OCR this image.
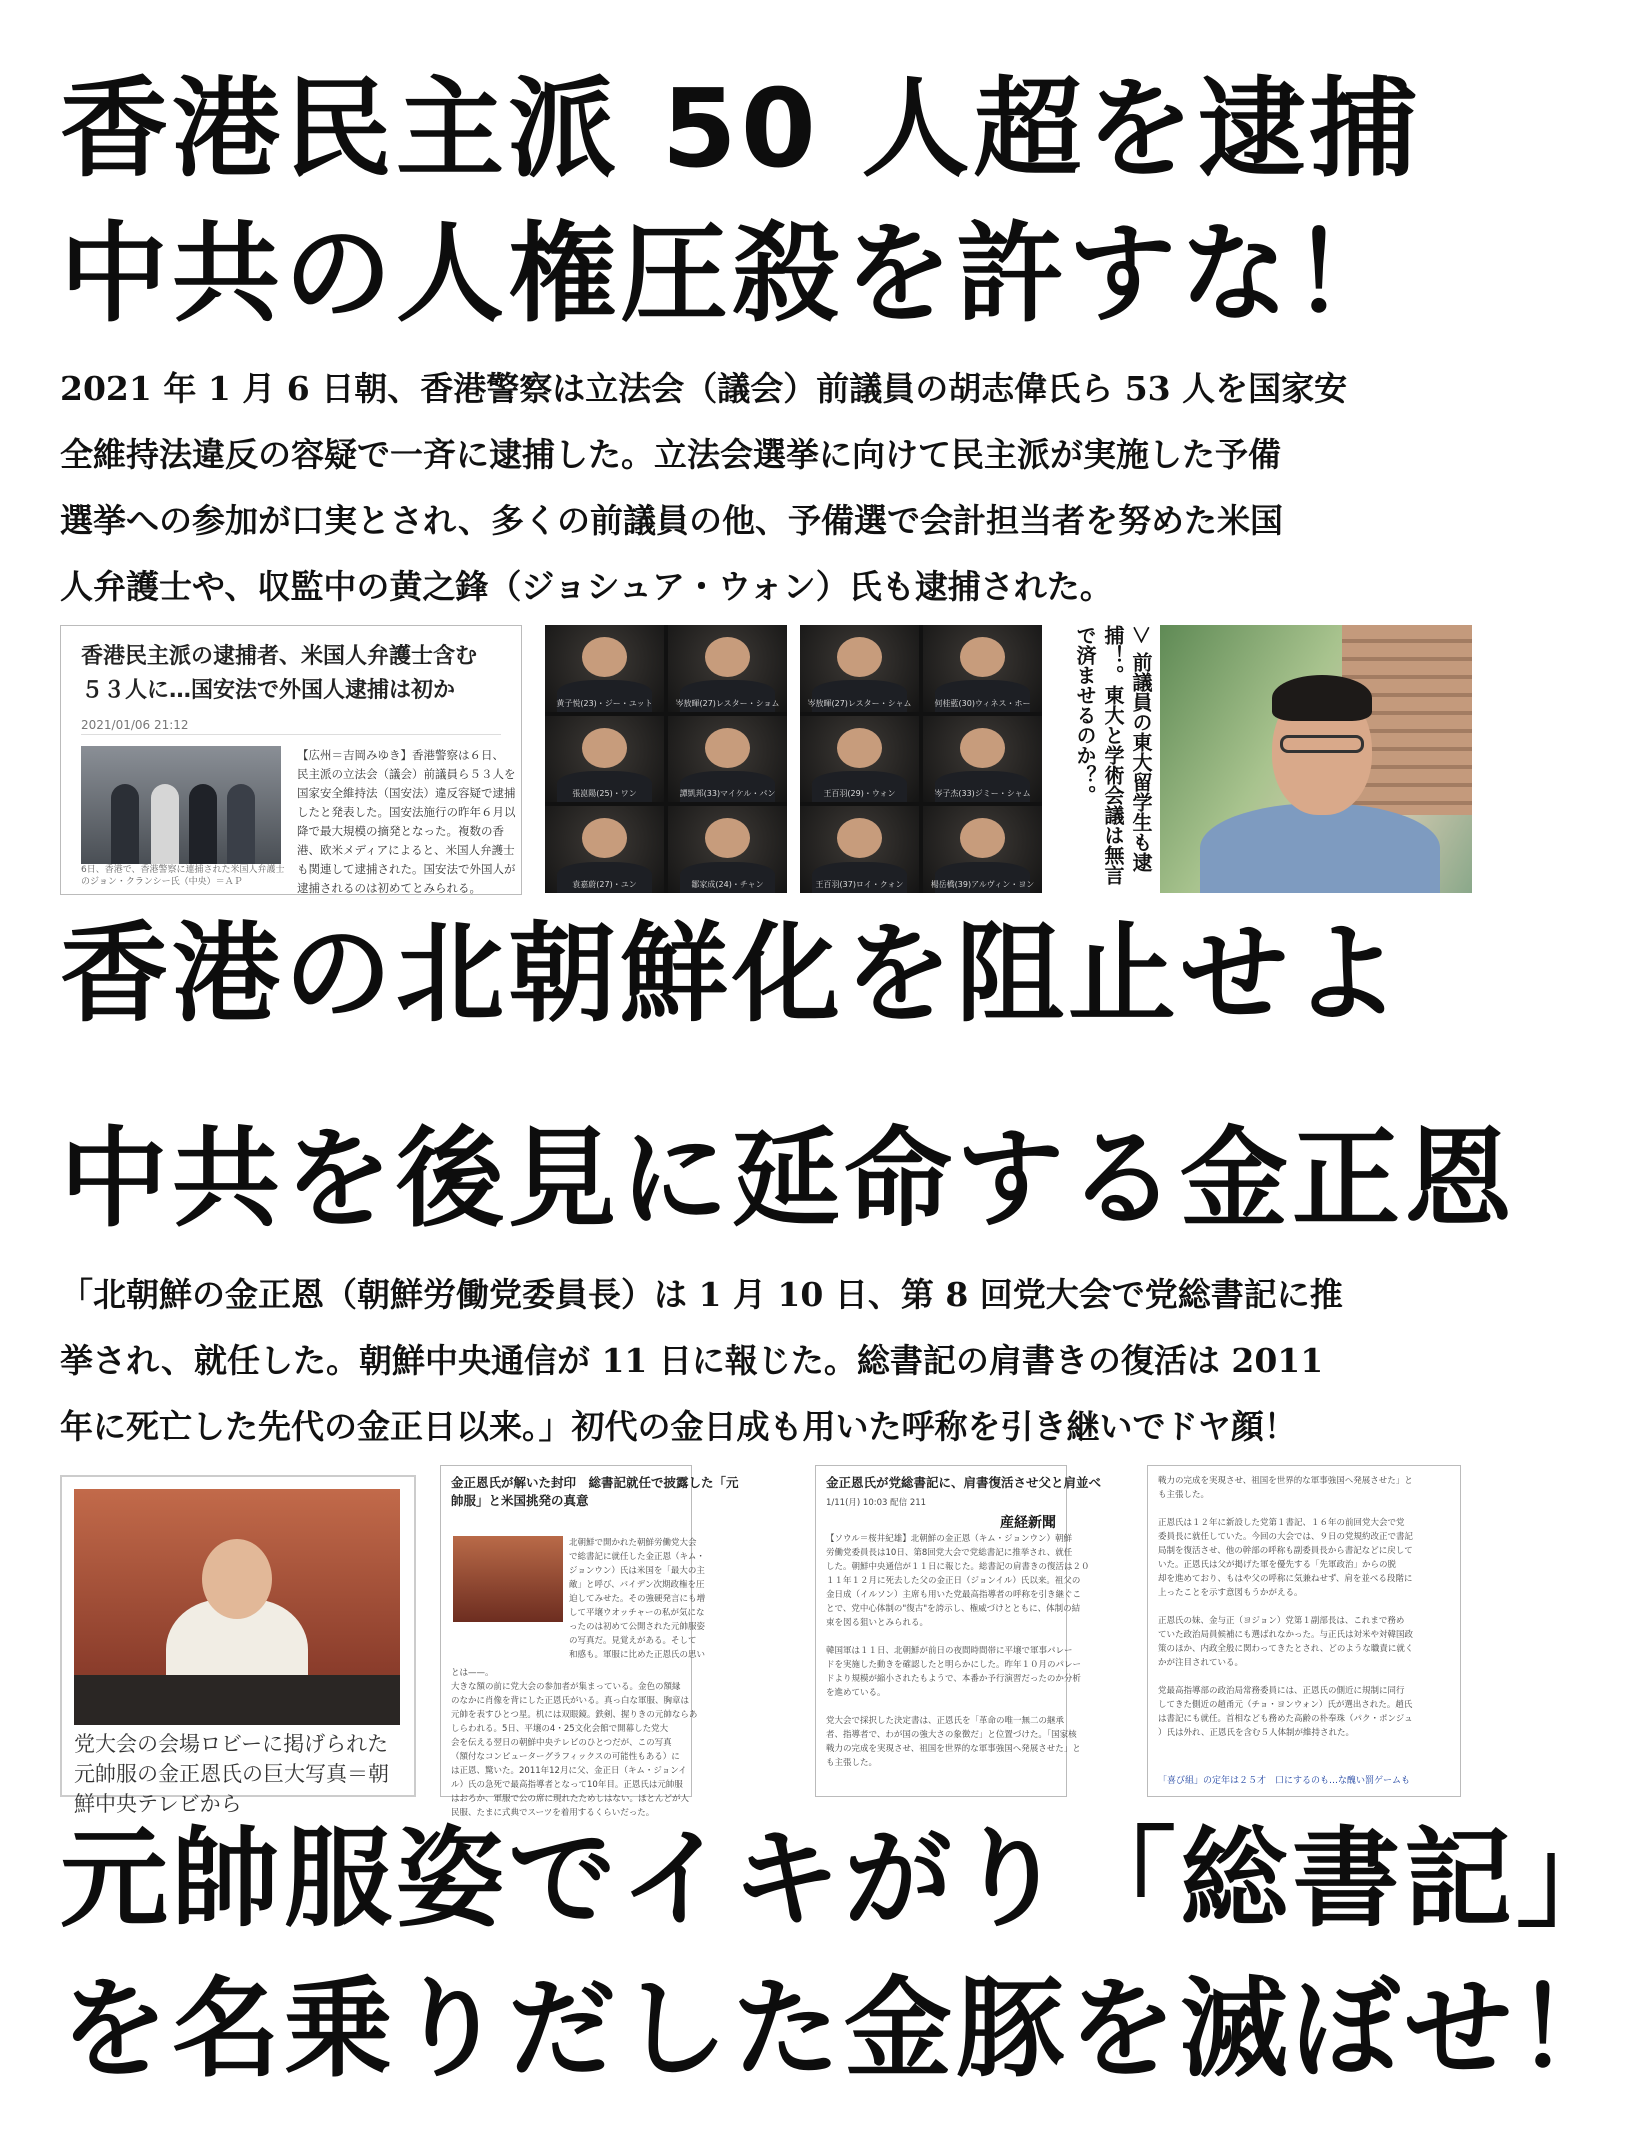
香港民主派 50 人超を逮捕
中共の人権圧殺を許すな！
2021 年 1 月 6 日朝、香港警察は立法会（議会）前議員の胡志偉氏ら 53 人を国家安
全維持法違反の容疑で一斉に逮捕した。立法会選挙に向けて民主派が実施した予備
選挙への参加が口実とされ、多くの前議員の他、予備選で会計担当者を努めた米国
人弁護士や、収監中の黄之鋒（ジョシュア・ウォン）氏も逮捕された。
香港民主派の逮捕者、米国人弁護士含む
５３人に…国安法で外国人逮捕は初か
2021/01/06 21:12
6日、香港で、香港警察に連捕された米国人弁護士のジョン・クランシー氏（中央）＝ＡＰ
【広州＝吉岡みゆき】香港警察は６日、
民主派の立法会（議会）前議員ら５３人を
国家安全維持法（国安法）違反容疑で逮捕
したと発表した。国安法施行の昨年６月以
降で最大規模の摘発となった。複数の香
港、欧米メディアによると、米国人弁護士
も関連して逮捕された。国安法で外国人が
逮捕されるのは初めてとみられる。
黄子悦(23)・ジー・ユット	岑敖暉(27)レスター・ショム
張崑陽(25)・ワン	譚凱邦(33)マイケル・パン
袁嘉蔚(27)・ユン	鄒家成(24)・チャン
岑敖暉(27)レスター・シャム	何桂藍(30)ウィネス・ホー
王百羽(29)・ウォン	岑子杰(33)ジミー・シャム
王百羽(37)ロイ・クォン	楊岳橋(39)アルヴィン・ヨン
＞ 前議員の東大留学生も逮捕！。東大と学術会議は無言で済ませるのか？。
香港の北朝鮮化を阻止せよ
中共を後見に延命する金正恩
「北朝鮮の金正恩（朝鮮労働党委員長）は 1 月 10 日、第 8 回党大会で党総書記に推
挙され、就任した。朝鮮中央通信が 11 日に報じた。総書記の肩書きの復活は 2011
年に死亡した先代の金正日以来。」初代の金日成も用いた呼称を引き継いでドヤ顔！
党大会の会場ロビーに掲げられた
元帥服の金正恩氏の巨大写真＝朝
鮮中央テレビから
金正恩氏が解いた封印　総書記就任で披露した「元
帥服」と米国挑発の真意
北朝鮮で開かれた朝鮮労働党大会
で総書記に就任した金正恩（キム・
ジョンウン）氏は米国を「最大の主
敵」と呼び、バイデン次期政権を圧
迫してみせた。その強硬発言にも増
して平壌ウオッチャーの私が気にな
ったのは初めて公開された元帥服姿
の写真だ。見覚えがある。そして
和感も。軍服に比めた正恩氏の思い
とは——。
大きな額の前に党大会の参加者が集まっている。金色の額縁
のなかに肖像を背にした正恩氏がいる。真っ白な軍服、胸章は
元帥を表すひとつ星。机には双眼鏡。鉄剣、握りきの元帥ならあ
しらわれる。5日、平壌の4・25文化会館で開幕した党大
会を伝える翌日の朝鮮中央テレビのひとつだが、この写真
（額付なコンピューターグラフィックスの可能性もある）に
は正恩、驚いた。2011年12月に父、金正日（キム・ジョンイ
ル）氏の急死で最高指導者となって10年目。正恩氏は元帥服
はおろか、軍服で公の席に現れたためしはない。ほとんどが人
民服、たまに式典でスーツを着用するくらいだった。
金正恩氏が党総書記に、肩書復活させ父と肩並べ
1/11(月) 10:03 配信 211
産経新聞
【ソウル＝桜井紀雄】北朝鮮の金正恩（キム・ジョンウン）朝鮮
労働党委員長は10日、第8回党大会で党総書記に推挙され、就任
した。朝鮮中央通信が１１日に報じた。総書記の肩書きの復活は２０
１１年１２月に死去した父の金正日（ジョンイル）氏以来。祖父の
金日成（イルソン）主席も用いた党最高指導者の呼称を引き継ぐこ
とで、党中心体制の"復古"を誇示し、権威づけとともに、体制の結
束を図る狙いとみられる。

韓国軍は１１日、北朝鮮が前日の夜間時間帯に平壌で軍事パレー
ドを実施した動きを確認したと明らかにした。昨年１０月のパレー
ドより規模が縮小されたもようで、本番か予行演習だったのか分析
を進めている。

党大会で採択した決定書は、正恩氏を「革命の唯一無二の継承
者、指導者で、わが国の強大さの象徴だ」と位置づけた。「国家核
戦力の完成を実現させ、祖国を世界的な軍事強国へ発展させた」と
も主張した。
戦力の完成を実現させ、祖国を世界的な軍事強国へ発展させた」と
も主張した。

正恩氏は１２年に新設した党第１書記、１６年の前回党大会で党
委員長に就任していた。今回の大会では、９日の党規約改正で書記
局制を復活させ、他の幹部の呼称も副委員長から書記などに戻して
いた。正恩氏は父が掲げた軍を優先する「先軍政治」からの脱
却を進めており、もはや父の呼称に気兼ねせず、肩を並べる段階に
上ったことを示す意図もうかがえる。

正恩氏の妹、金与正（ヨジョン）党第１副部長は、これまで務め
ていた政治局員候補にも選ばれなかった。与正氏は対米や対韓国政
策のほか、内政全般に関わってきたとされ、どのような職責に就く
かが注目されている。

党最高指導部の政治局常務委員には、正恩氏の側近に規制に同行
してきた側近の趙甬元（チョ・ヨンウォン）氏が選出された。趙氏
は書記にも就任。首相なども務めた高齢の朴奉珠（パク・ポンジュ
）氏は外れ、正恩氏を含む５人体制が維持された。
「喜び組」の定年は２５才　口にするのも…な醜い罰ゲームも
元帥服姿でイキがり「総書記」
を名乗りだした金豚を滅ぼせ！
